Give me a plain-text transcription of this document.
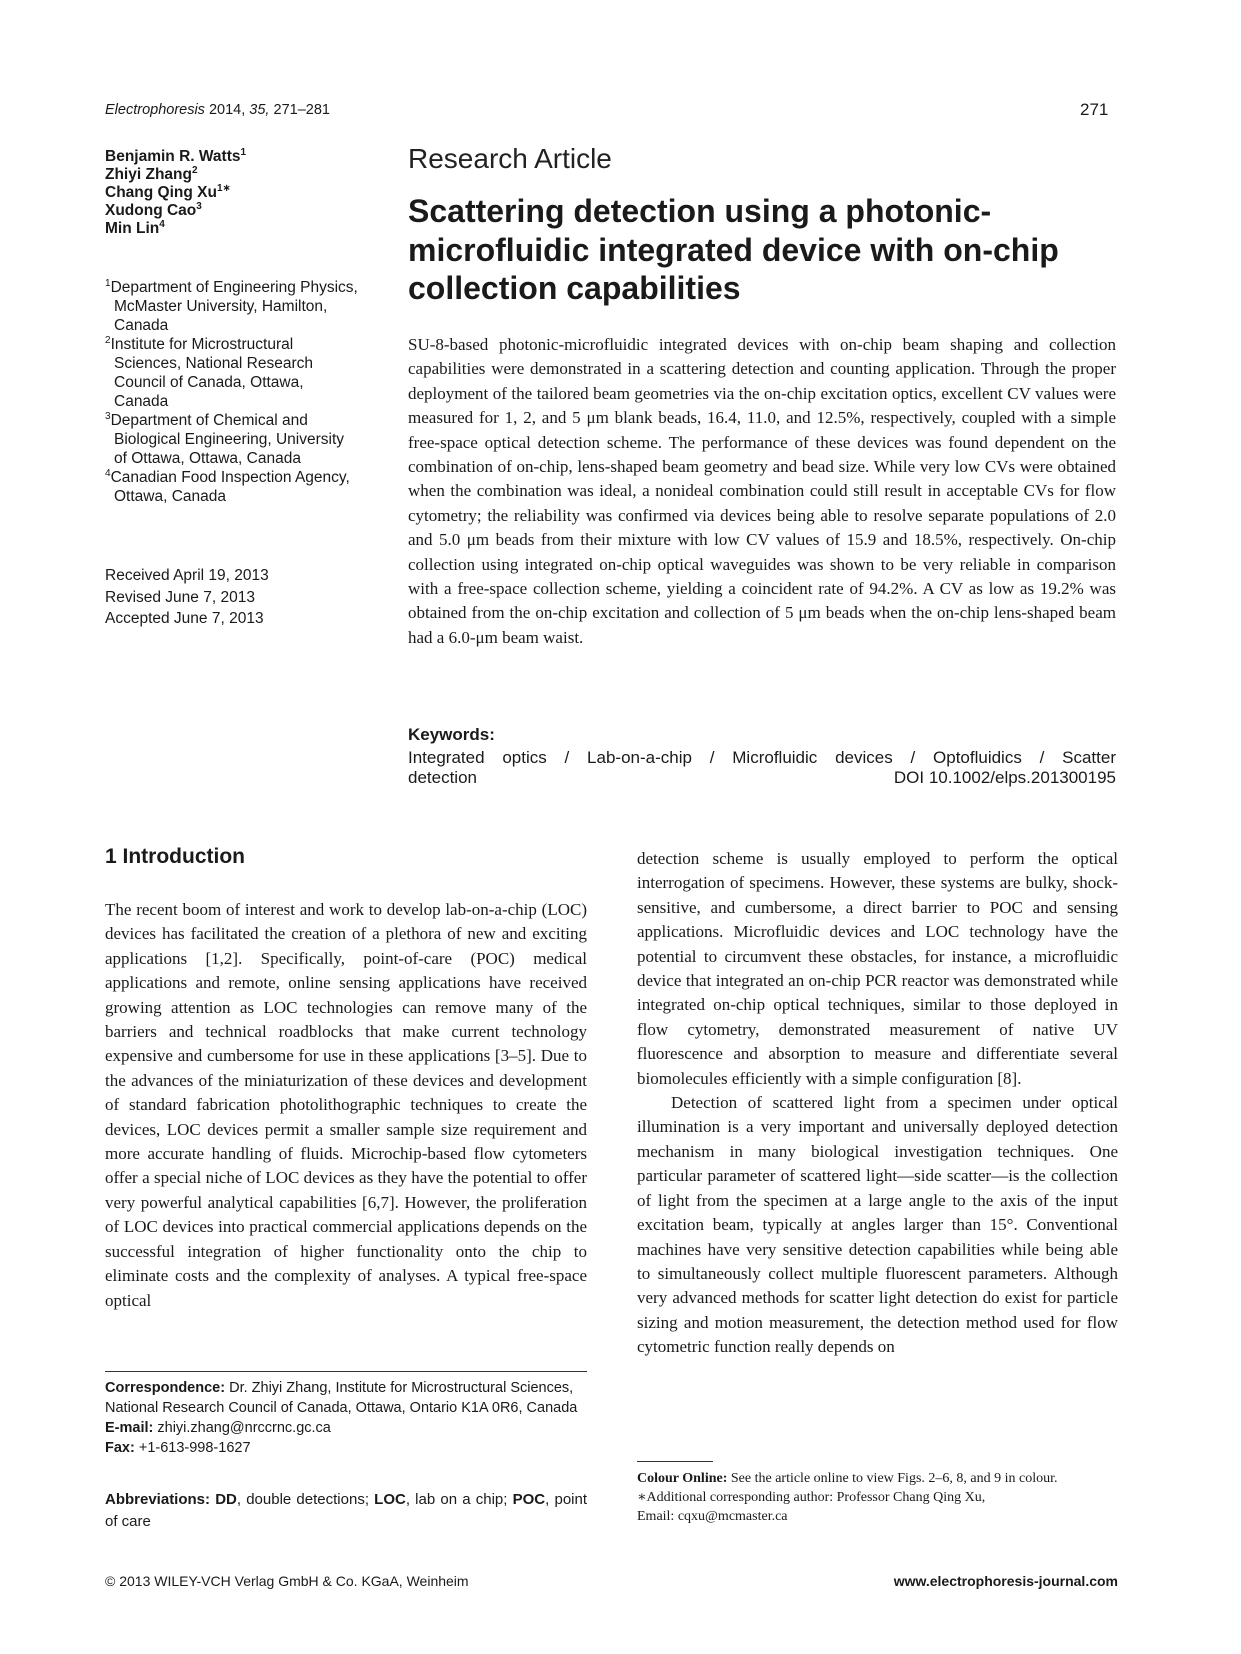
Electrophoresis 2014, 35, 271–281	271
Benjamin R. Watts$^1$
Zhiyi Zhang$^2$
Chang Qing $Xu^{1∗}$
Xudong Cao$^3$
Min Lin$^4$
$^1$Department of Engineering Physics, McMaster University, Hamilton, Canada
$^2$Institute for Microstructural Sciences, National Research Council of Canada, Ottawa, Canada
$^3$Department of Chemical and Biological Engineering, University of Ottawa, Ottawa, Canada
$^4$Canadian Food Inspection Agency, Ottawa, Canada
Received April 19, 2013
Revised June 7, 2013
Accepted June 7, 2013
Research Article
Scattering detection using a photonic-microfluidic integrated device with on-chip collection capabilities

SU-8-based photonic-microfluidic integrated devices with on-chip beam shaping and collection capabilities were demonstrated in a scattering detection and counting application. Through the proper deployment of the tailored beam geometries via the on-chip excitation optics, excellent CV values were measured for 1, 2, and 5 μm blank beads, 16.4, 11.0, and 12.5%, respectively, coupled with a simple free-space optical detection scheme. The performance of these devices was found dependent on the combination of on-chip, lens-shaped beam geometry and bead size. While very low CVs were obtained when the combination was ideal, a nonideal combination could still result in acceptable CVs for flow cytometry; the reliability was confirmed via devices being able to resolve separate populations of 2.0 and 5.0 μm beads from their mixture with low CV values of 15.9 and 18.5%, respectively. On-chip collection using integrated on-chip optical waveguides was shown to be very reliable in comparison with a free-space collection scheme, yielding a coincident rate of 94.2%. A CV as low as 19.2% was obtained from the on-chip excitation and collection of 5 μm beads when the on-chip lens-shaped beam had a 6.0-μm beam waist.

Keywords:
Integrated optics / Lab-on-a-chip / Microfluidic devices / Optofluidics / Scatter
detection	DOI 10.1002/elps.201300195
1 Introduction

The recent boom of interest and work to develop lab-on-a-chip (LOC) devices has facilitated the creation of a plethora of new and exciting applications [1,2]. Specifically, point-of-care (POC) medical applications and remote, online sensing applications have received growing attention as LOC technologies can remove many of the barriers and technical roadblocks that make current technology expensive and cumbersome for use in these applications [3–5]. Due to the advances of the miniaturization of these devices and development of standard fabrication photolithographic techniques to create the devices, LOC devices permit a smaller sample size requirement and more accurate handling of fluids. Microchip-based flow cytometers offer a special niche of LOC devices as they have the potential to offer very powerful analytical capabilities [6,7]. However, the proliferation of LOC devices into practical commercial applications depends on the successful integration of higher functionality onto the chip to eliminate costs and the complexity of analyses. A typical free-space optical

detection scheme is usually employed to perform the optical interrogation of specimens. However, these systems are bulky, shock-sensitive, and cumbersome, a direct barrier to POC and sensing applications. Microfluidic devices and LOC technology have the potential to circumvent these obstacles, for instance, a microfluidic device that integrated an on-chip PCR reactor was demonstrated while integrated on-chip optical techniques, similar to those deployed in flow cytometry, demonstrated measurement of native UV fluorescence and absorption to measure and differentiate several biomolecules efficiently with a simple configuration [8].

Detection of scattered light from a specimen under optical illumination is a very important and universally deployed detection mechanism in many biological investigation techniques. One particular parameter of scattered light—side scatter—is the collection of light from the specimen at a large angle to the axis of the input excitation beam, typically at angles larger than 15°. Conventional machines have very sensitive detection capabilities while being able to simultaneously collect multiple fluorescent parameters. Although very advanced methods for scatter light detection do exist for particle sizing and motion measurement, the detection method used for flow cytometric function really depends on

Correspondence: Dr. Zhiyi Zhang, Institute for Microstructural Sciences, National Research Council of Canada, Ottawa, Ontario K1A 0R6, Canada
E-mail: zhiyi.zhang@nrccrnc.gc.ca
Fax: +1-613-998-1627
Abbreviations: DD, double detections; LOC, lab on a chip; POC, point of care
Colour Online: See the article online to view Figs. 2–6, 8, and 9 in colour.
∗Additional corresponding author: Professor Chang Qing Xu,
Email: cqxu@mcmaster.ca
© 2013 WILEY-VCH Verlag GmbH & Co. KGaA, Weinheim	www.electrophoresis-journal.com
